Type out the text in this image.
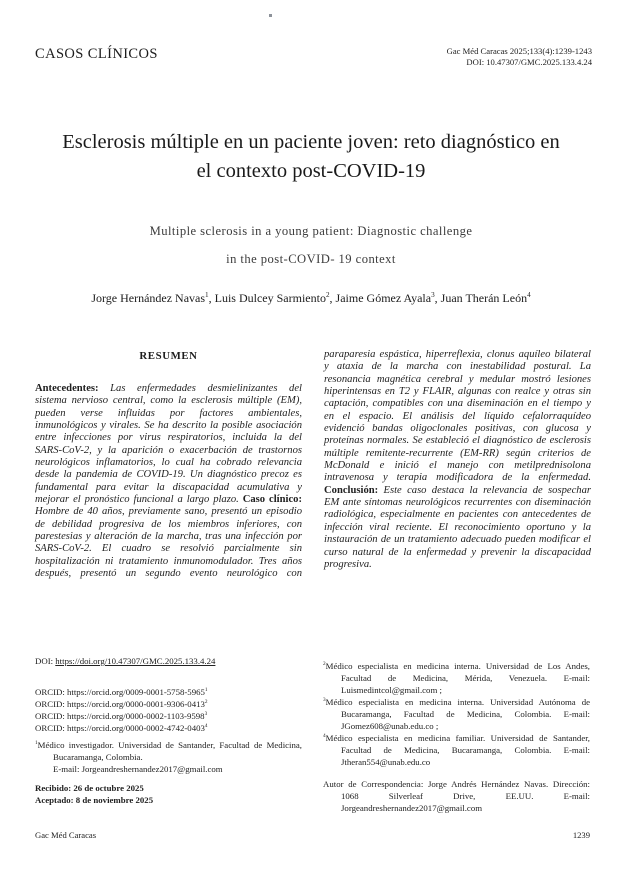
CASOS CLÍNICOS	Gac Méd Caracas 2025;133(4):1239-1243
DOI: 10.47307/GMC.2025.133.4.24
Esclerosis múltiple en un paciente joven: reto diagnóstico en
el contexto post-COVID-19
Multiple sclerosis in a young patient: Diagnostic challenge
in the post-COVID- 19 context
Jorge Hernández Navas$^1$, Luis Dulcey Sarmiento$^2$, Jaime Gómez Ayala$^3$, Juan Therán León$^4$
RESUMEN
Antecedentes: Las enfermedades desmielinizantes del sistema nervioso central, como la esclerosis múltiple (EM), pueden verse influidas por factores ambientales, inmunológicos y virales. Se ha descrito la posible asociación entre infecciones por virus respiratorios, incluida la del SARS-CoV-2, y la aparición o exacerbación de trastornos neurológicos inflamatorios, lo cual ha cobrado relevancia desde la pandemia de COVID-19. Un diagnóstico precoz es fundamental para evitar la discapacidad acumulativa y mejorar el pronóstico funcional a largo plazo. Caso clínico: Hombre de 40 años, previamente sano, presentó un episodio de debilidad progresiva de los miembros inferiores, con parestesias y alteración de la marcha, tras una infección por SARS-CoV-2. El cuadro se resolvió parcialmente sin hospitalización ni tratamiento inmunomodulador. Tres años después, presentó un segundo evento neurológico con
paraparesia espástica, hiperreflexia, clonus aquíleo bilateral y ataxia de la marcha con inestabilidad postural. La resonancia magnética cerebral y medular mostró lesiones hiperintensas en T2 y FLAIR, algunas con realce y otras sin captación, compatibles con una diseminación en el tiempo y en el espacio. El análisis del líquido cefalorraquídeo evidenció bandas oligoclonales positivas, con glucosa y proteínas normales. Se estableció el diagnóstico de esclerosis múltiple remitente-recurrente (EM-RR) según criterios de McDonald e inició el manejo con metilprednisolona intravenosa y terapia modificadora de la enfermedad. Conclusión: Este caso destaca la relevancia de sospechar EM ante síntomas neurológicos recurrentes con diseminación radiológica, especialmente en pacientes con antecedentes de infección viral reciente. El reconocimiento oportuno y la instauración de un tratamiento adecuado pueden modificar el curso natural de la enfermedad y prevenir la discapacidad progresiva.
DOI: https://doi.org/10.47307/GMC.2025.133.4.24
ORCID: https://orcid.org/0009-0001-5758-5965$^1$
ORCID: https://orcid.org/0000-0001-9306-0413$^2$
ORCID: https://orcid.org/0000-0002-1103-9598$^3$
ORCID: https://orcid.org/0000-0002-4742-0403$^4$

$^1$Médico investigador. Universidad de Santander, Facultad de Medicina, Bucaramanga, Colombia.

E-mail: Jorgeandreshernandez2017@gmail.com
Recibido: 26 de octubre 2025
Aceptado: 8 de noviembre 2025

$^2$Médico especialista en medicina interna. Universidad de Los Andes, Facultad de Medicina, Mérida, Venezuela. E-mail: Luismedintcol@gmail.com ;

$^3$Médico especialista en medicina interna. Universidad Autónoma de Bucaramanga, Facultad de Medicina, Colombia. E-mail: JGomez608@unab.edu.co ;

$^4$Médico especialista en medicina familiar. Universidad de Santander, Facultad de Medicina, Bucaramanga, Colombia. E-mail: Jtheran554@unab.edu.co

Autor de Correspondencia: Jorge Andrés Hernández Navas. Dirección: 1068 Silverleaf Drive, EE.UU. E-mail: Jorgeandreshernandez2017@gmail.com

Gac Méd Caracas	1239
